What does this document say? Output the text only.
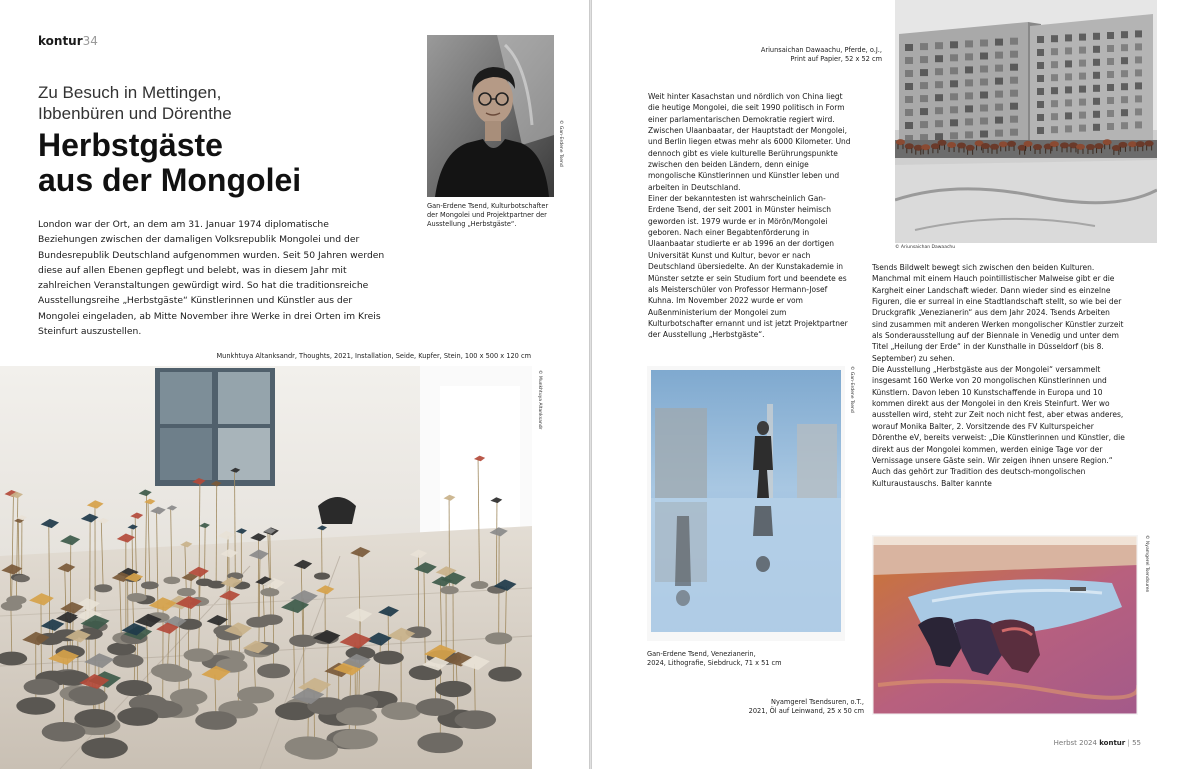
kontur34
Zu Besuch in Mettingen,
Ibbenbüren und Dörenthe
Herbstgäste
aus der Mongolei

London war der Ort, an dem am 31. Januar 1974 diplomatische Beziehungen zwischen der damaligen Volksrepublik Mongolei und der Bundesrepublik Deutschland aufgenommen wurden. Seit 50 Jahren werden diese auf allen Ebenen gepflegt und belebt, was in diesem Jahr mit zahlreichen Veranstaltungen gewürdigt wird. So hat die traditionsreiche Ausstellungsreihe „Herbstgäste“ Künstlerinnen und Künstler aus der Mongolei eingeladen, ab Mitte November ihre Werke in drei Orten im Kreis Steinfurt auszustellen.

© Gan-Erdene Tsend

Gan-Erdene Tsend, Kulturbotschafter der Mongolei und Projektpartner der Ausstellung „Herbstgäste“.

Munkhtuya Altanksandr, Thoughts, 2021, Installation, Seide, Kupfer, Stein, 100 x 500 x 120 cm

© Munkhtuya Altanksandr

Ariunsaichan Dawaachu, Pferde, o.J., Print auf Papier, 52 x 52 cm

© Ariunsaichan Dawaachu

Weit hinter Kasachstan und nördlich von China liegt die heutige Mongolei, die seit 1990 politisch in Form einer parlamentarischen Demokratie regiert wird. Zwischen Ulaanbaatar, der Hauptstadt der Mongolei, und Berlin liegen etwas mehr als 6000 Kilometer. Und dennoch gibt es viele kulturelle Berührungspunkte zwischen den beiden Ländern, denn einige mongolische Künstlerinnen und Künstler leben und arbeiten in Deutschland.

Einer der bekanntesten ist wahrscheinlich Gan-Erdene Tsend, der seit 2001 in Münster heimisch geworden ist. 1979 wurde er in Mörön/Mongolei geboren. Nach einer Begabtenförderung in Ulaanbaatar studierte er ab 1996 an der dortigen Universität Kunst und Kultur, bevor er nach Deutschland übersiedelte. An der Kunstakademie in Münster setzte er sein Studium fort und beendete es als Meisterschüler von Professor Hermann-Josef Kuhna. Im November 2022 wurde er vom Außenministerium der Mongolei zum Kulturbotschafter ernannt und ist jetzt Projektpartner der Ausstellung „Herbstgäste“.

© Gan-Erdene Tsend
Gan-Erdene Tsend, Venezianerin,
2024, Lithografie, Siebdruck, 71 x 51 cm

Tsends Bildwelt bewegt sich zwischen den beiden Kulturen. Manchmal mit einem Hauch pointillistischer Malweise gibt er die Kargheit einer Landschaft wieder. Dann wieder sind es einzelne Figuren, die er surreal in eine Stadtlandschaft stellt, so wie bei der Druckgrafik „Venezianerin“ aus dem Jahr 2024. Tsends Arbeiten sind zusammen mit anderen Werken mongolischer Künstler zurzeit als Sonderausstellung auf der Biennale in Venedig und unter dem Titel „Heilung der Erde“ in der Kunsthalle in Düsseldorf (bis 8. September) zu sehen.

Die Ausstellung „Herbstgäste aus der Mongolei“ versammelt insgesamt 160 Werke von 20 mongolischen Künstlerinnen und Künstlern. Davon leben 10 Kunstschaffende in Europa und 10 kommen direkt aus der Mongolei in den Kreis Steinfurt. Wer wo ausstellen wird, steht zur Zeit noch nicht fest, aber etwas anderes, worauf Monika Balter, 2. Vorsitzende des FV Kulturspeicher Dörenthe eV, bereits verweist: „Die Künstlerinnen und Künstler, die direkt aus der Mongolei kommen, werden einige Tage vor der Vernissage unsere Gäste sein. Wir zeigen ihnen unsere Region.“ Auch das gehört zur Tradition des deutsch-mongolischen Kulturaustauschs. Balter kannte

© Nyamgerel Tsendsuren
Nyamgerel Tsendsuren, o.T.,
2021, Öl auf Leinwand, 25 x 50 cm
Herbst 2024 kontur | 55
